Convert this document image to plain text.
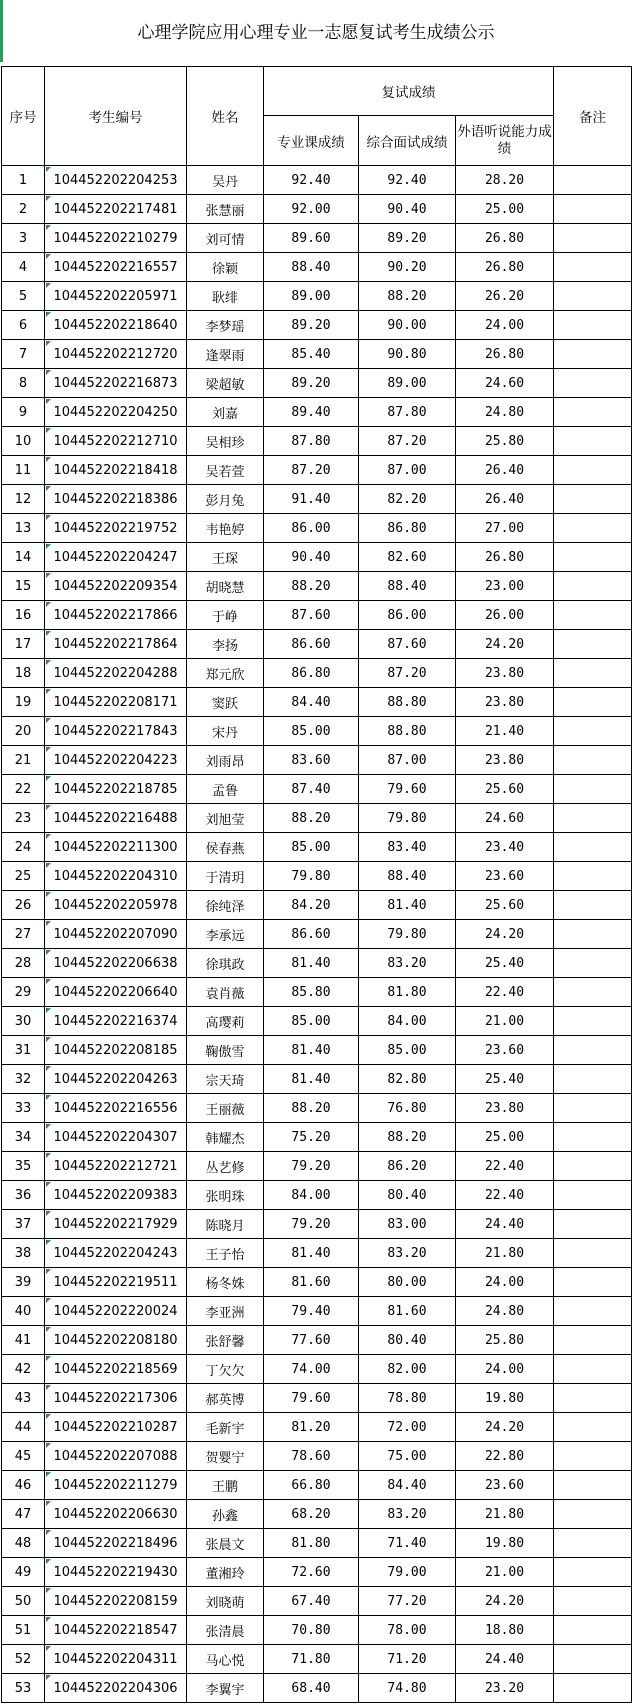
心理学院应用心理专业一志愿复试考生成绩公示
序号	考生编号	姓名	复试成绩			备注
			专业课成绩	综合面试成绩	外语听说能力成绩	
1	104452202204253	吴丹	92.40	92.40	28.20	
2	104452202217481	张慧丽	92.00	90.40	25.00	
3	104452202210279	刘可情	89.60	89.20	26.80	
4	104452202216557	徐颖	88.40	90.20	26.80	
5	104452202205971	耿绯	89.00	88.20	26.20	
6	104452202218640	李梦瑶	89.20	90.00	24.00	
7	104452202212720	逢翠雨	85.40	90.80	26.80	
8	104452202216873	梁超敏	89.20	89.00	24.60	
9	104452202204250	刘嘉	89.40	87.80	24.80	
10	104452202212710	吴相珍	87.80	87.20	25.80	
11	104452202218418	吴若萱	87.20	87.00	26.40	
12	104452202218386	彭月兔	91.40	82.20	26.40	
13	104452202219752	韦艳婷	86.00	86.80	27.00	
14	104452202204247	王琛	90.40	82.60	26.80	
15	104452202209354	胡晓慧	88.20	88.40	23.00	
16	104452202217866	于峥	87.60	86.00	26.00	
17	104452202217864	李扬	86.60	87.60	24.20	
18	104452202204288	郑元欣	86.80	87.20	23.80	
19	104452202208171	窦跃	84.40	88.80	23.80	
20	104452202217843	宋丹	85.00	88.80	21.40	
21	104452202204223	刘雨昂	83.60	87.00	23.80	
22	104452202218785	孟鲁	87.40	79.60	25.60	
23	104452202216488	刘旭莹	88.20	79.80	24.60	
24	104452202211300	侯春燕	85.00	83.40	23.40	
25	104452202204310	于清玥	79.80	88.40	23.60	
26	104452202205978	徐纯泽	84.20	81.40	25.60	
27	104452202207090	李承远	86.60	79.80	24.20	
28	104452202206638	徐琪政	81.40	83.20	25.40	
29	104452202206640	袁肖薇	85.80	81.80	22.40	
30	104452202216374	高璎莉	85.00	84.00	21.00	
31	104452202208185	鞠傲雪	81.40	85.00	23.60	
32	104452202204263	宗天琦	81.40	82.80	25.40	
33	104452202216556	王丽薇	88.20	76.80	23.80	
34	104452202204307	韩耀杰	75.20	88.20	25.00	
35	104452202212721	丛艺修	79.20	86.20	22.40	
36	104452202209383	张明珠	84.00	80.40	22.40	
37	104452202217929	陈晓月	79.20	83.00	24.40	
38	104452202204243	王子怡	81.40	83.20	21.80	
39	104452202219511	杨冬姝	81.60	80.00	24.00	
40	104452202220024	李亚洲	79.40	81.60	24.80	
41	104452202208180	张舒馨	77.60	80.40	25.80	
42	104452202218569	丁欠欠	74.00	82.00	24.00	
43	104452202217306	郝英博	79.60	78.80	19.80	
44	104452202210287	毛新宇	81.20	72.00	24.20	
45	104452202207088	贺婴宁	78.60	75.00	22.80	
46	104452202211279	王鹏	66.80	84.40	23.60	
47	104452202206630	孙鑫	68.20	83.20	21.80	
48	104452202218496	张晨文	81.80	71.40	19.80	
49	104452202219430	董湘玲	72.60	79.00	21.00	
50	104452202208159	刘晓萌	67.40	77.20	24.20	
51	104452202218547	张清晨	70.80	78.00	18.80	
52	104452202204311	马心悦	71.80	71.20	24.40	
53	104452202204306	李翼宇	68.40	74.80	23.20	
